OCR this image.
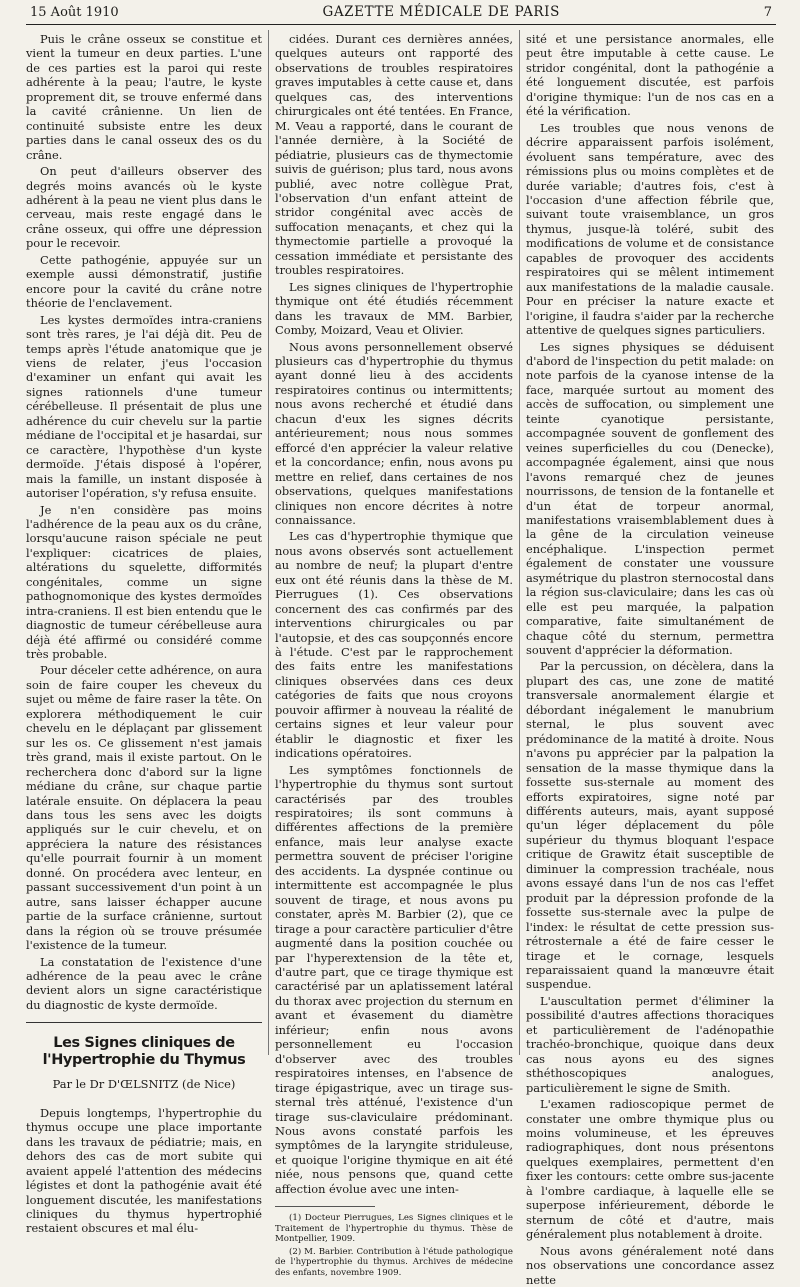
15 Août 1910	GAZETTE MÉDICALE DE PARIS	7

Puis le crâne osseux se constitue et vient la tumeur en deux parties. L'une de ces parties est la paroi qui reste adhérente à la peau; l'autre, le kyste proprement dit, se trouve enfermé dans la cavité crânienne. Un lien de continuité subsiste entre les deux parties dans le canal osseux des os du crâne.

On peut d'ailleurs observer des degrés moins avancés où le kyste adhérent à la peau ne vient plus dans le cerveau, mais reste engagé dans le crâne osseux, qui offre une dépression pour le recevoir.

Cette pathogénie, appuyée sur un exemple aussi démonstratif, justifie encore pour la cavité du crâne notre théorie de l'enclavement.

Les kystes dermoïdes intra-craniens sont très rares, je l'ai déjà dit. Peu de temps après l'étude anatomique que je viens de relater, j'eus l'occasion d'examiner un enfant qui avait les signes rationnels d'une tumeur cérébelleuse. Il présentait de plus une adhérence du cuir chevelu sur la partie médiane de l'occipital et je hasardai, sur ce caractère, l'hypothèse d'un kyste dermoïde. J'étais disposé à l'opérer, mais la famille, un instant disposée à autoriser l'opération, s'y refusa ensuite.

Je n'en considère pas moins l'adhérence de la peau aux os du crâne, lorsqu'aucune raison spéciale ne peut l'expliquer: cicatrices de plaies, altérations du squelette, difformités congénitales, comme un signe pathognomonique des kystes dermoïdes intra-craniens. Il est bien entendu que le diagnostic de tumeur cérébelleuse aura déjà été affirmé ou considéré comme très probable.

Pour déceler cette adhérence, on aura soin de faire couper les cheveux du sujet ou même de faire raser la tête. On explorera méthodiquement le cuir chevelu en le déplaçant par glissement sur les os. Ce glissement n'est jamais très grand, mais il existe partout. On le recherchera donc d'abord sur la ligne médiane du crâne, sur chaque partie latérale ensuite. On déplacera la peau dans tous les sens avec les doigts appliqués sur le cuir chevelu, et on appréciera la nature des résistances qu'elle pourrait fournir à un moment donné. On procédera avec lenteur, en passant successivement d'un point à un autre, sans laisser échapper aucune partie de la surface crânienne, surtout dans la région où se trouve présumée l'existence de la tumeur.

La constatation de l'existence d'une adhérence de la peau avec le crâne devient alors un signe caractéristique du diagnostic de kyste dermoïde.

Les Signes cliniques de l'Hypertrophie du Thymus
Par le Dr D'ŒLSNITZ (de Nice)

Depuis longtemps, l'hypertrophie du thymus occupe une place importante dans les travaux de pédiatrie; mais, en dehors des cas de mort subite qui avaient appelé l'attention des médecins légistes et dont la pathogénie avait été longuement discutée, les manifestations cliniques du thymus hypertrophié restaient obscures et mal élu-

cidées. Durant ces dernières années, quelques auteurs ont rapporté des observations de troubles respiratoires graves imputables à cette cause et, dans quelques cas, des interventions chirurgicales ont été tentées. En France, M. Veau a rapporté, dans le courant de l'année dernière, à la Société de pédiatrie, plusieurs cas de thymectomie suivis de guérison; plus tard, nous avons publié, avec notre collègue Prat, l'observation d'un enfant atteint de stridor congénital avec accès de suffocation menaçants, et chez qui la thymectomie partielle a provoqué la cessation immédiate et persistante des troubles respiratoires.

Les signes cliniques de l'hypertrophie thymique ont été étudiés récemment dans les travaux de MM. Barbier, Comby, Moizard, Veau et Olivier.

Nous avons personnellement observé plusieurs cas d'hypertrophie du thymus ayant donné lieu à des accidents respiratoires continus ou intermittents; nous avons recherché et étudié dans chacun d'eux les signes décrits antérieurement; nous nous sommes efforcé d'en apprécier la valeur relative et la concordance; enfin, nous avons pu mettre en relief, dans certaines de nos observations, quelques manifestations cliniques non encore décrites à notre connaissance.

Les cas d'hypertrophie thymique que nous avons observés sont actuellement au nombre de neuf; la plupart d'entre eux ont été réunis dans la thèse de M. Pierrugues (1). Ces observations concernent des cas confirmés par des interventions chirurgicales ou par l'autopsie, et des cas soupçonnés encore à l'étude. C'est par le rapprochement des faits entre les manifestations cliniques observées dans ces deux catégories de faits que nous croyons pouvoir affirmer à nouveau la réalité de certains signes et leur valeur pour établir le diagnostic et fixer les indications opératoires.

Les symptômes fonctionnels de l'hypertrophie du thymus sont surtout caractérisés par des troubles respiratoires; ils sont communs à différentes affections de la première enfance, mais leur analyse exacte permettra souvent de préciser l'origine des accidents. La dyspnée continue ou intermittente est accompagnée le plus souvent de tirage, et nous avons pu constater, après M. Barbier (2), que ce tirage a pour caractère particulier d'être augmenté dans la position couchée ou par l'hyperextension de la tête et, d'autre part, que ce tirage thymique est caractérisé par un aplatissement latéral du thorax avec projection du sternum en avant et évasement du diamètre inférieur; enfin nous avons personnellement eu l'occasion d'observer avec des troubles respiratoires intenses, en l'absence de tirage épigastrique, avec un tirage sus-sternal très atténué, l'existence d'un tirage sus-claviculaire prédominant. Nous avons constaté parfois les symptômes de la laryngite striduleuse, et quoique l'origine thymique en ait été niée, nous pensons que, quand cette affection évolue avec une inten-

(1) Docteur Pierrugues, Les Signes cliniques et le Traitement de l'hypertrophie du thymus. Thèse de Montpellier, 1909.

(2) M. Barbier. Contribution à l'étude pathologique de l'hypertrophie du thymus. Archives de médecine des enfants, novembre 1909.

sité et une persistance anormales, elle peut être imputable à cette cause. Le stridor congénital, dont la pathogénie a été longuement discutée, est parfois d'origine thymique: l'un de nos cas en a été la vérification.

Les troubles que nous venons de décrire apparaissent parfois isolément, évoluent sans température, avec des rémissions plus ou moins complètes et de durée variable; d'autres fois, c'est à l'occasion d'une affection fébrile que, suivant toute vraisemblance, un gros thymus, jusque-là toléré, subit des modifications de volume et de consistance capables de provoquer des accidents respiratoires qui se mêlent intimement aux manifestations de la maladie causale. Pour en préciser la nature exacte et l'origine, il faudra s'aider par la recherche attentive de quelques signes particuliers.

Les signes physiques se déduisent d'abord de l'inspection du petit malade: on note parfois de la cyanose intense de la face, marquée surtout au moment des accès de suffocation, ou simplement une teinte cyanotique persistante, accompagnée souvent de gonflement des veines superficielles du cou (Denecke), accompagnée également, ainsi que nous l'avons remarqué chez de jeunes nourrissons, de tension de la fontanelle et d'un état de torpeur anormal, manifestations vraisemblablement dues à la gêne de la circulation veineuse encéphalique. L'inspection permet également de constater une voussure asymétrique du plastron sternocostal dans la région sus-claviculaire; dans les cas où elle est peu marquée, la palpation comparative, faite simultanément de chaque côté du sternum, permettra souvent d'apprécier la déformation.

Par la percussion, on décèlera, dans la plupart des cas, une zone de matité transversale anormalement élargie et débordant inégalement le manubrium sternal, le plus souvent avec prédominance de la matité à droite. Nous n'avons pu apprécier par la palpation la sensation de la masse thymique dans la fossette sus-sternale au moment des efforts expiratoires, signe noté par différents auteurs, mais, ayant supposé qu'un léger déplacement du pôle supérieur du thymus bloquant l'espace critique de Grawitz était susceptible de diminuer la compression trachéale, nous avons essayé dans l'un de nos cas l'effet produit par la dépression profonde de la fossette sus-sternale avec la pulpe de l'index: le résultat de cette pression sus-rétrosternale a été de faire cesser le tirage et le cornage, lesquels reparaissaient quand la manœuvre était suspendue.

L'auscultation permet d'éliminer la possibilité d'autres affections thoraciques et particulièrement de l'adénopathie trachéo-bronchique, quoique dans deux cas nous ayons eu des signes sthéthoscopiques analogues, particulièrement le signe de Smith.

L'examen radioscopique permet de constater une ombre thymique plus ou moins volumineuse, et les épreuves radiographiques, dont nous présentons quelques exemplaires, permettent d'en fixer les contours: cette ombre sus-jacente à l'ombre cardiaque, à laquelle elle se superpose inférieurement, déborde le sternum de côté et d'autre, mais généralement plus notablement à droite.

Nous avons généralement noté dans nos observations une concordance assez nette
